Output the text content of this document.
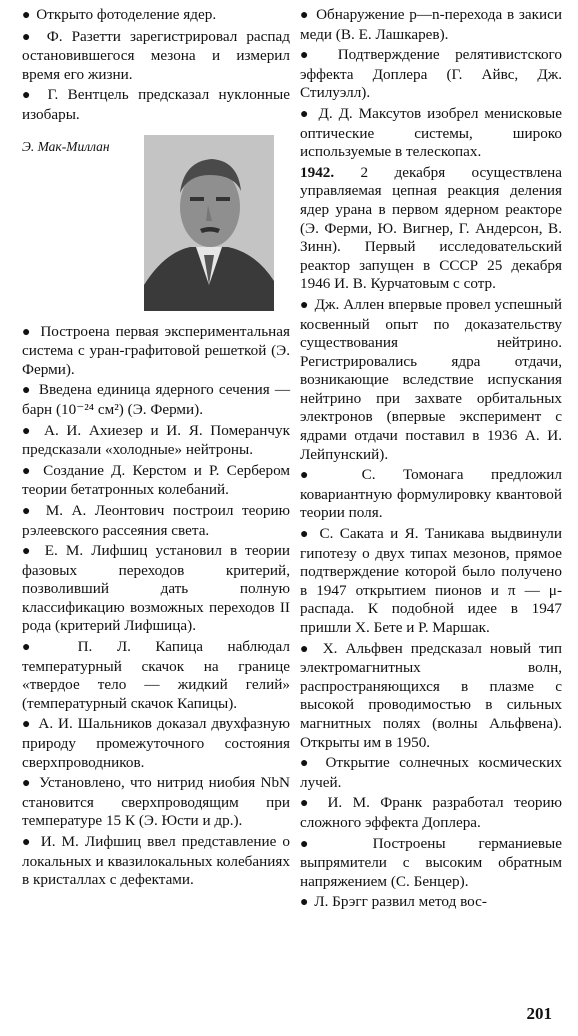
● Открыто фотоделение ядер.

● Ф. Разетти зарегистрировал распад остановившегося мезона и измерил время его жизни.

● Г. Вентцель предсказал нуклонные изобары.

Э. Мак-Миллан

● Построена первая экспериментальная система с уран-графитовой решеткой (Э. Ферми).

● Введена единица ядерного сечения — барн (10⁻²⁴ см²) (Э. Ферми).

● А. И. Ахиезер и И. Я. Померанчук предсказали «холодные» нейтроны.

● Создание Д. Керстом и Р. Сербером теории бетатронных колебаний.

● М. А. Леонтович построил теорию рэлеевского рассеяния света.

● Е. М. Лифшиц установил в теории фазовых переходов критерий, позволивший дать полную классификацию возможных переходов II рода (критерий Лифшица).

● П. Л. Капица наблюдал температурный скачок на границе «твердое тело — жидкий гелий» (температурный скачок Капицы).

● А. И. Шальников доказал двухфазную природу промежуточного состояния сверхпроводников.

● Установлено, что нитрид ниобия NbN становится сверхпроводящим при температуре 15 К (Э. Юсти и др.).

● И. М. Лифшиц ввел представление о локальных и квазилокальных колебаниях в кристаллах с дефектами.

● Обнаружение p—n-перехода в закиси меди (В. Е. Лашкарев).

● Подтверждение релятивистского эффекта Доплера (Г. Айвс, Дж. Стилуэлл).

● Д. Д. Максутов изобрел менисковые оптические системы, широко используемые в телескопах.

1942. 2 декабря осуществлена управляемая цепная реакция деления ядер урана в первом ядерном реакторе (Э. Ферми, Ю. Вигнер, Г. Андерсон, В. Зинн). Первый исследовательский реактор запущен в СССР 25 декабря 1946 И. В. Курчатовым с сотр.

● Дж. Аллен впервые провел успешный косвенный опыт по доказательству существования нейтрино. Регистрировались ядра отдачи, возникающие вследствие испускания нейтрино при захвате орбитальных электронов (впервые эксперимент с ядрами отдачи поставил в 1936 А. И. Лейпунский).

● С. Томонага предложил ковариантную формулировку квантовой теории поля.

● С. Саката и Я. Таникава выдвинули гипотезу о двух типах мезонов, прямое подтверждение которой было получено в 1947 открытием пионов и π — μ-распада. К подобной идее в 1947 пришли Х. Бете и Р. Маршак.

● Х. Альфвен предсказал новый тип электромагнитных волн, распространяющихся в плазме с высокой проводимостью в сильных магнитных полях (волны Альфвена). Открыты им в 1950.

● Открытие солнечных космических лучей.

● И. М. Франк разработал теорию сложного эффекта Доплера.

● Построены германиевые выпрямители с высоким обратным напряжением (С. Бенцер).

● Л. Брэгг развил метод вос-

201
